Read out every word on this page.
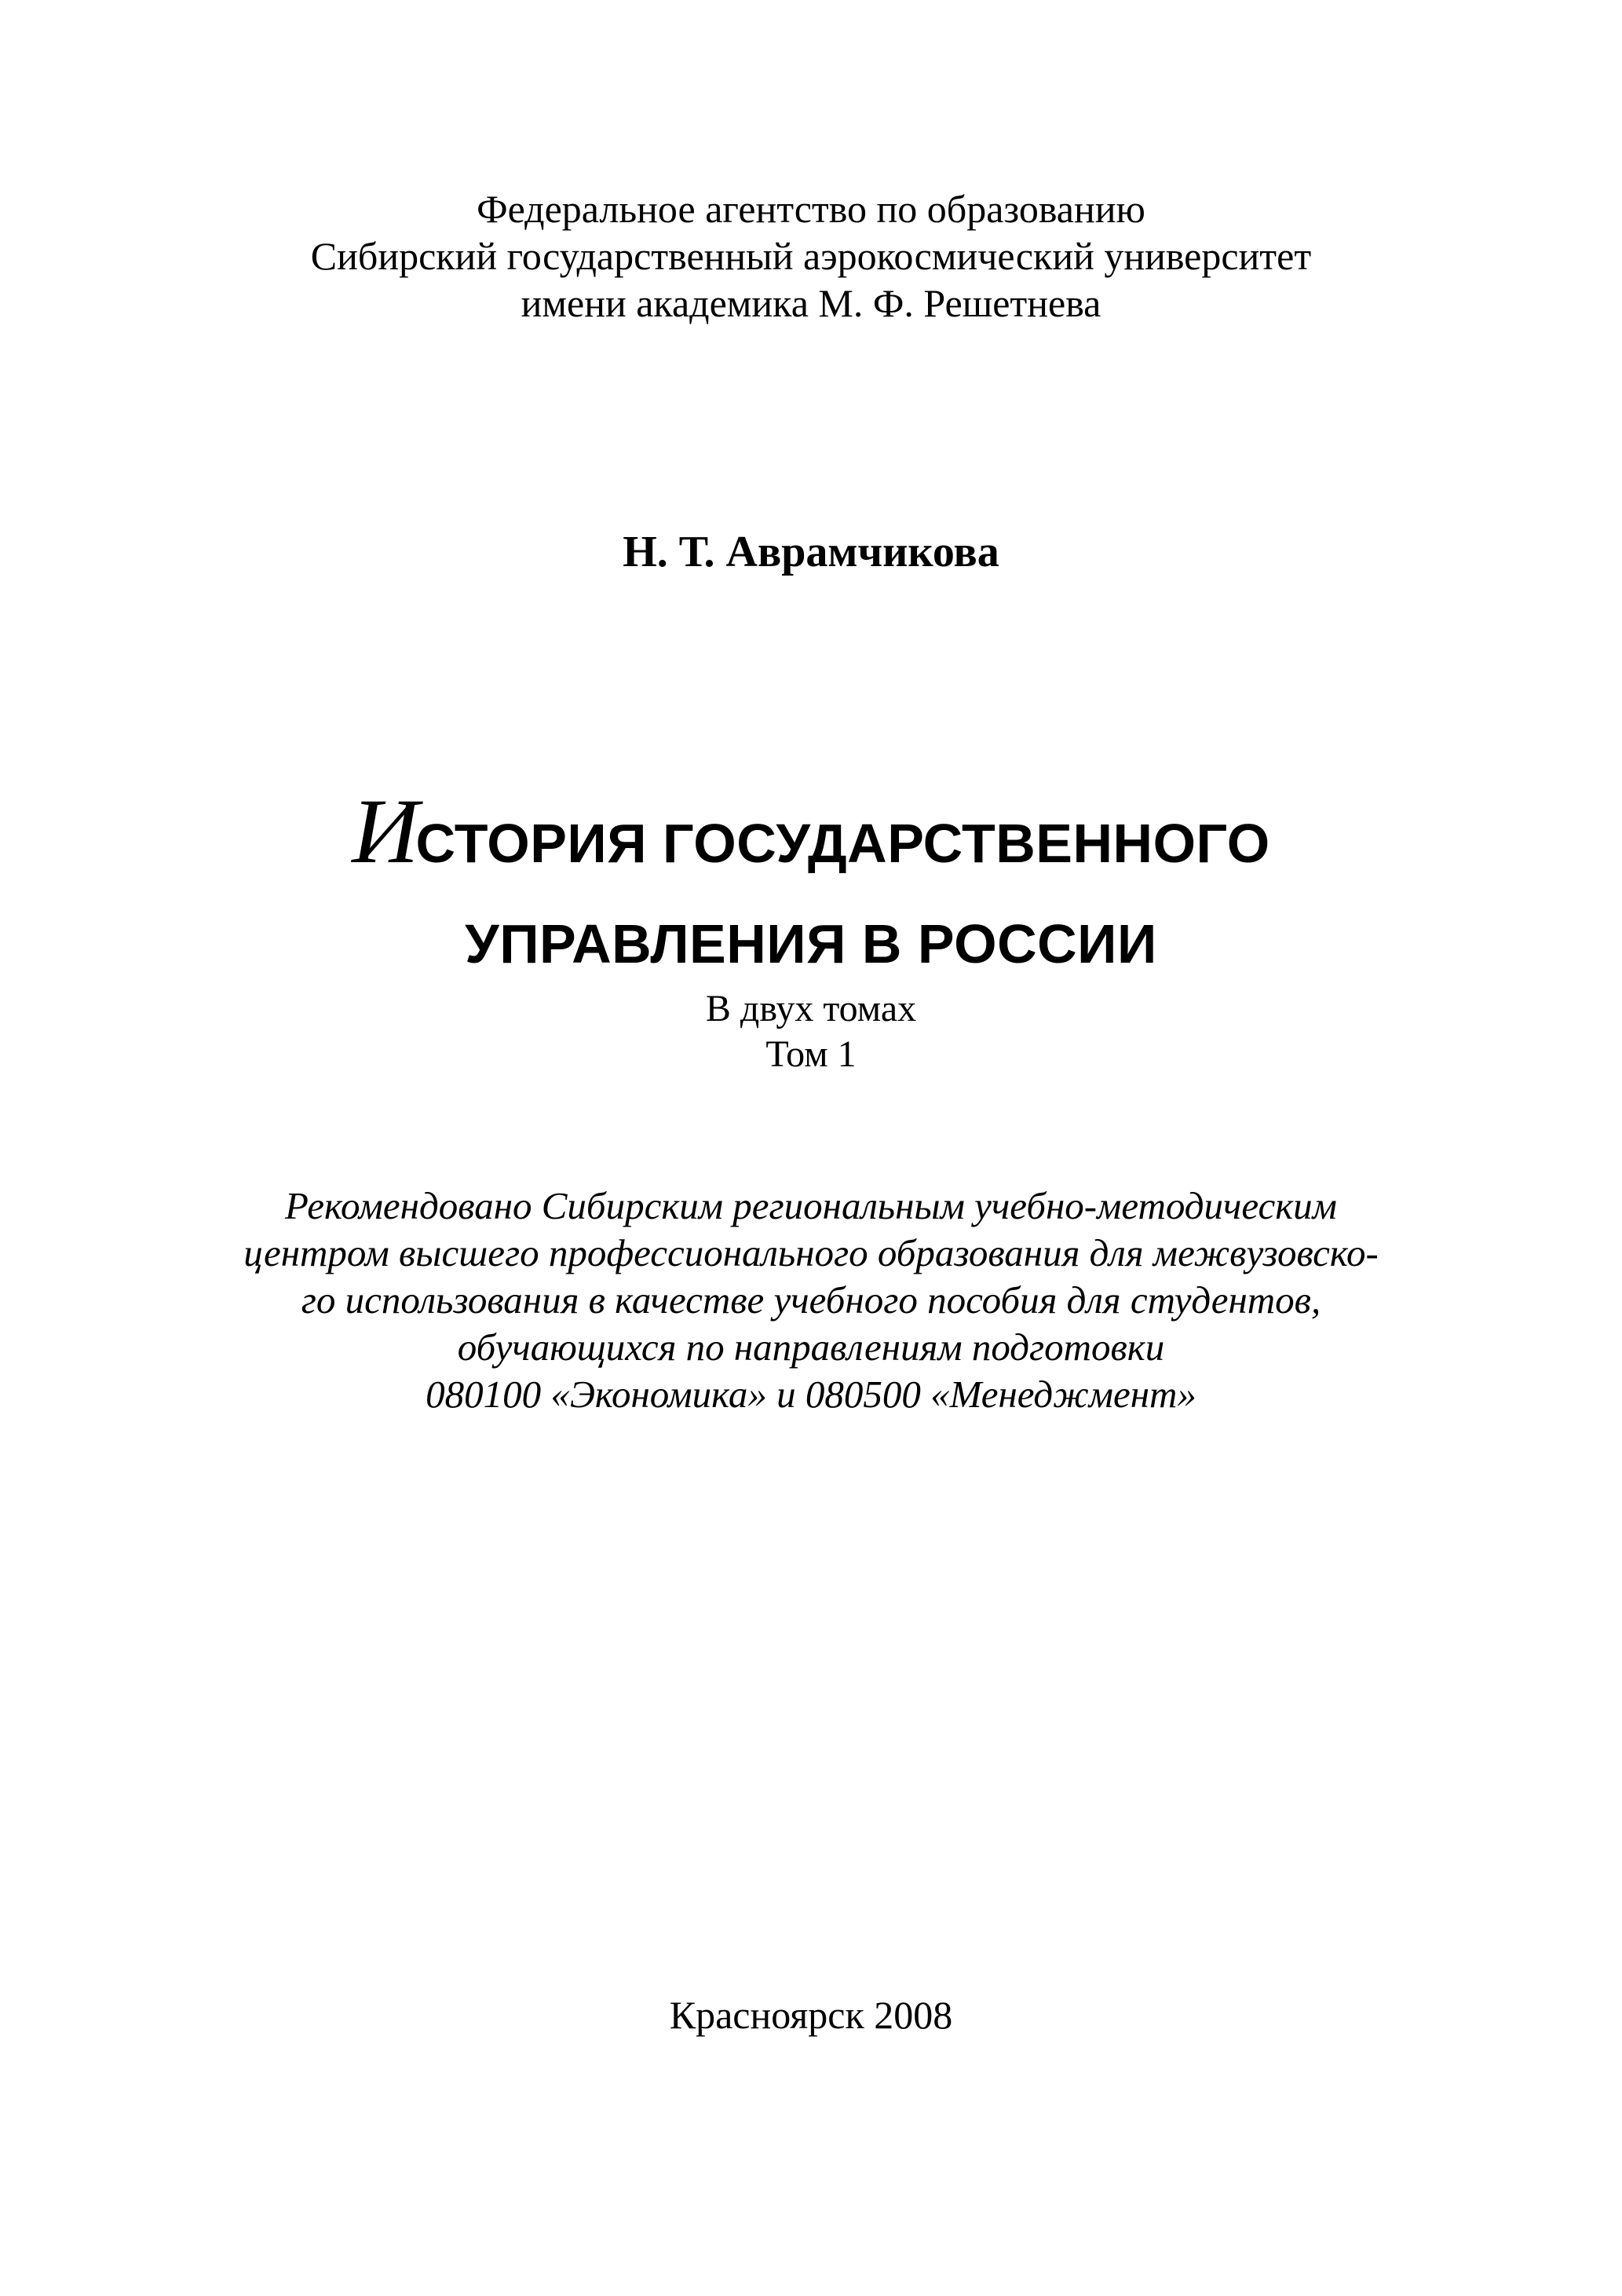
Федеральное агентство по образованию
Сибирский государственный аэрокосмический университет
имени академика М. Ф. Решетнева
Н. Т. Аврамчикова
ИСТОРИЯ ГОСУДАРСТВЕННОГО
УПРАВЛЕНИЯ В РОССИИ
В двух томах
Том 1
Рекомендовано Сибирским региональным учебно-методическим
центром высшего профессионального образования для межвузовско-
го использования в качестве учебного пособия для студентов,
обучающихся по направлениям подготовки
080100 «Экономика» и 080500 «Менеджмент»
Красноярск 2008
